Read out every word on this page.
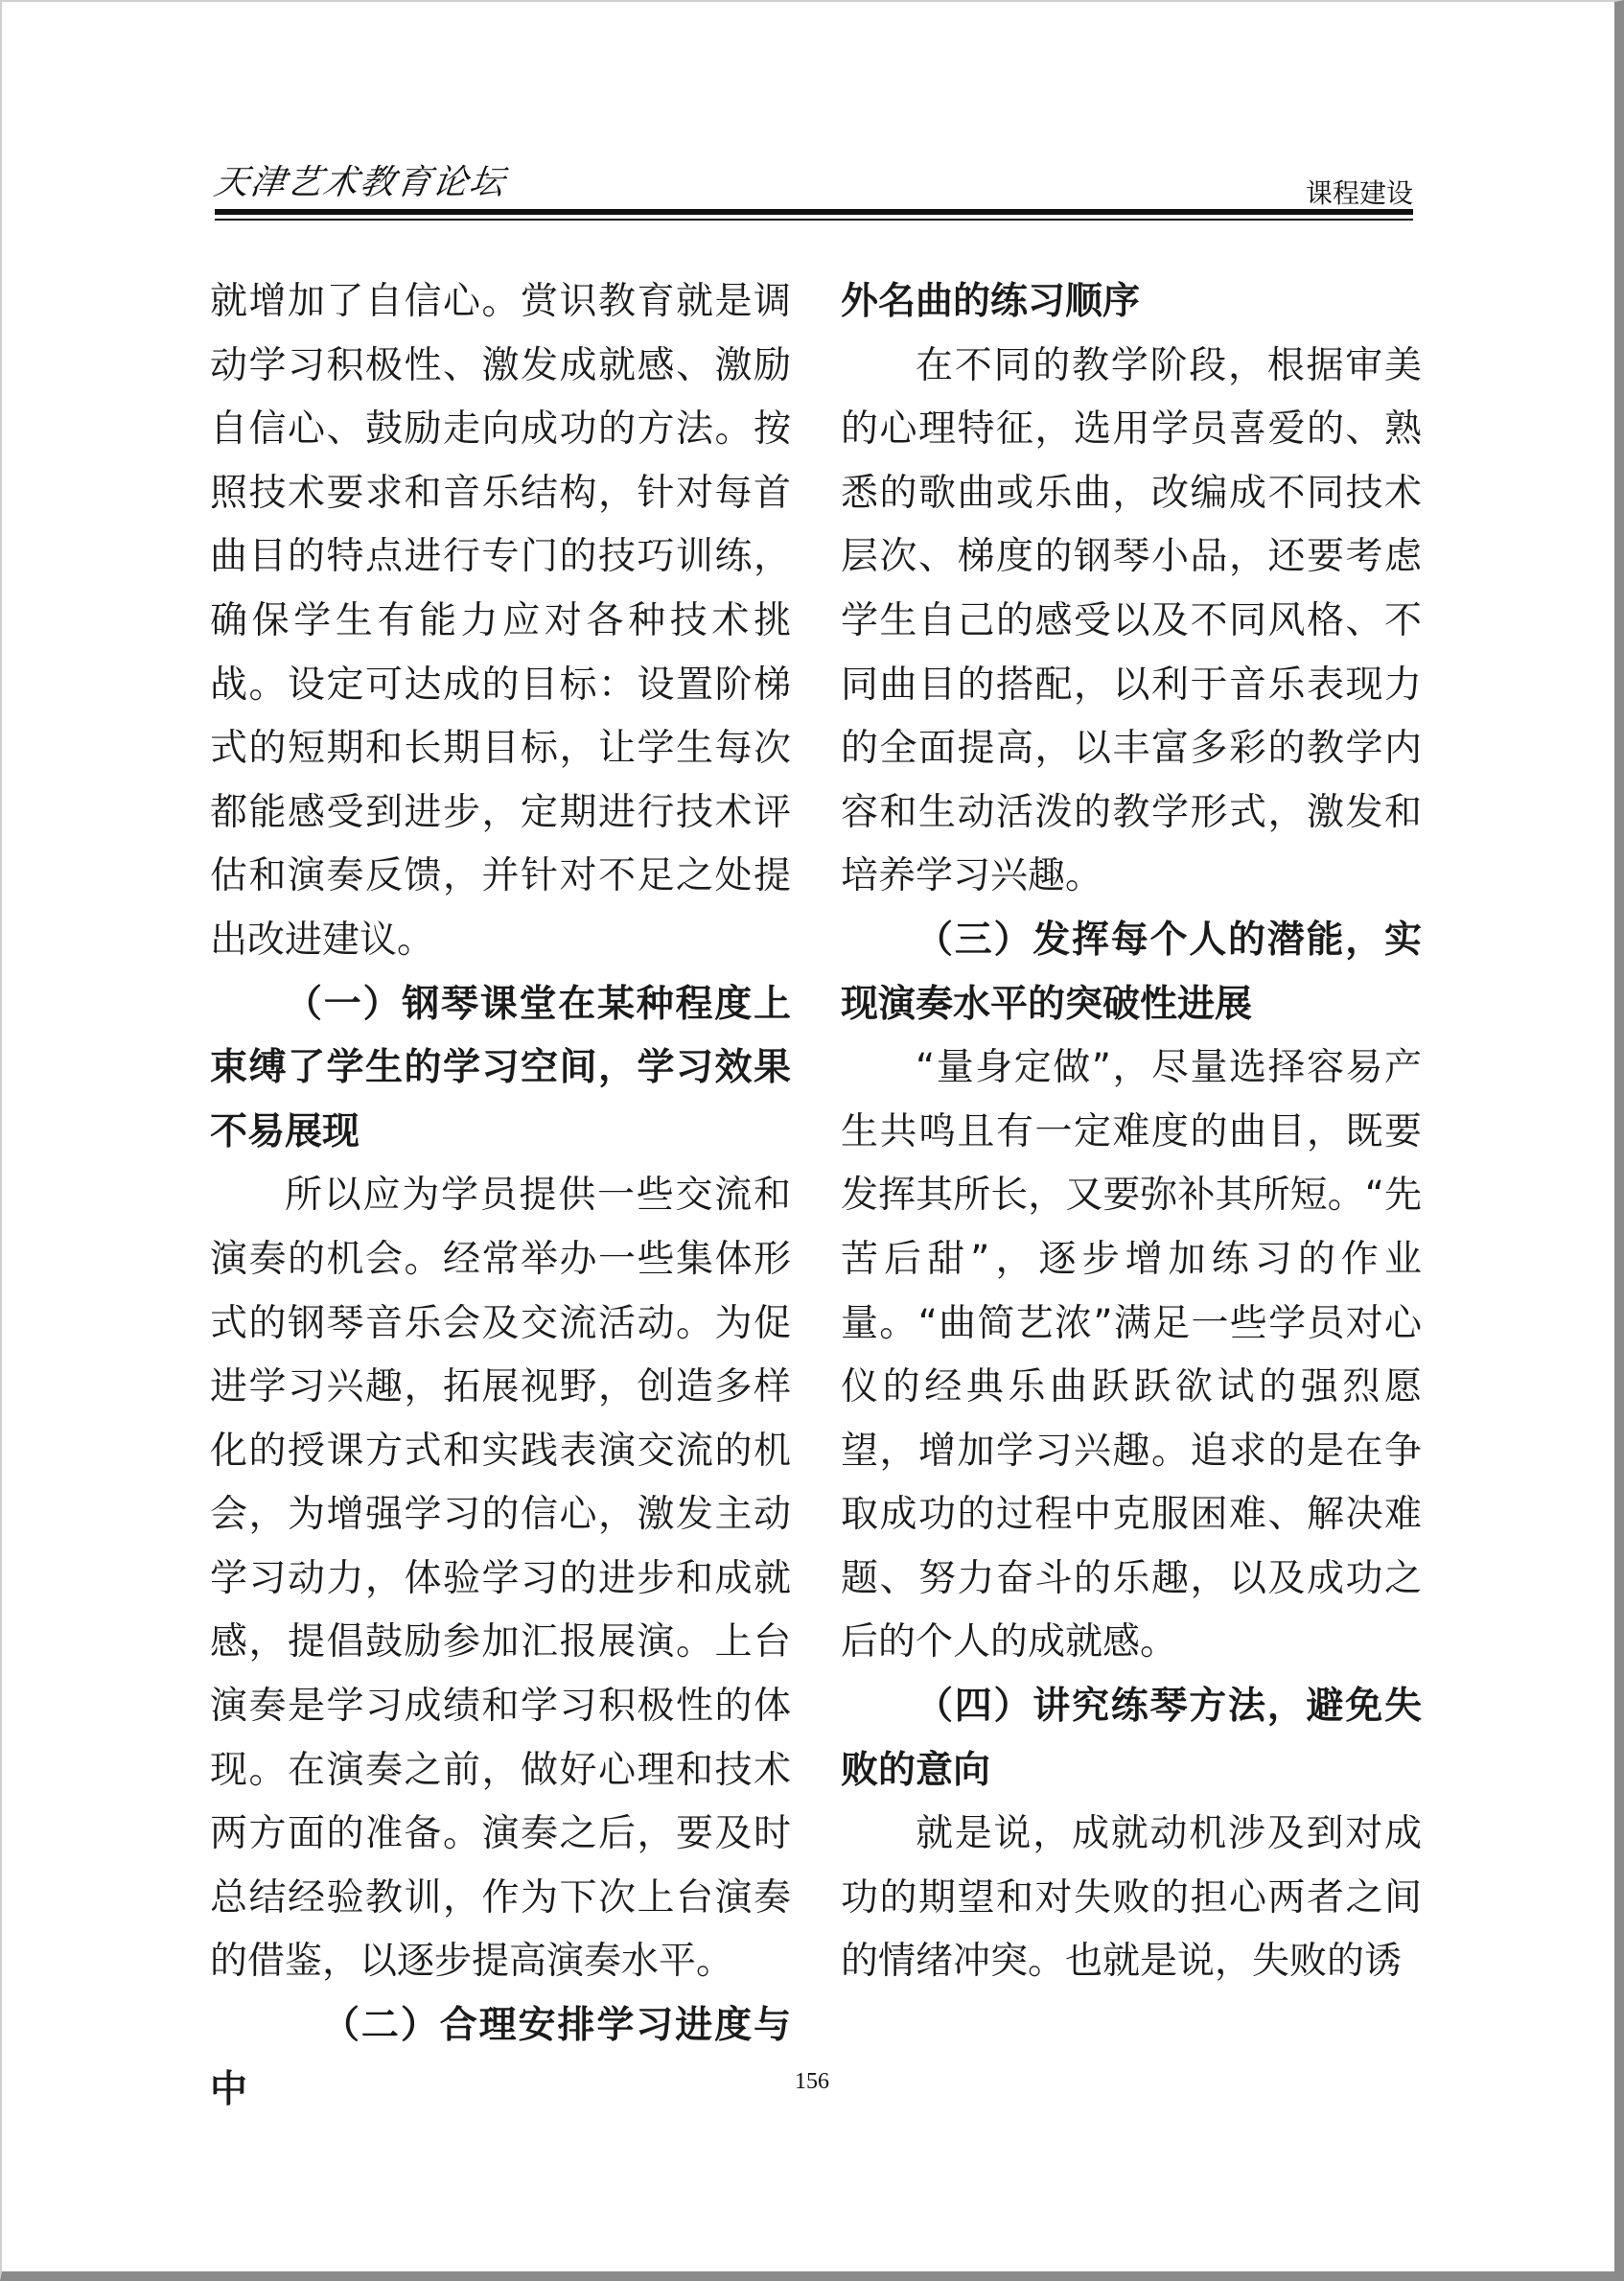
天津艺术教育论坛	课程建设

就增加了自信心。赏识教育就是调动学习积极性、激发成就感、激励自信心、鼓励走向成功的方法。按照技术要求和音乐结构，针对每首曲目的特点进行专门的技巧训练，确保学生有能力应对各种技术挑战。设定可达成的目标：设置阶梯式的短期和长期目标，让学生每次都能感受到进步，定期进行技术评估和演奏反馈，并针对不足之处提出改进建议。

（一）钢琴课堂在某种程度上束缚了学生的学习空间，学习效果不易展现

所以应为学员提供一些交流和演奏的机会。经常举办一些集体形式的钢琴音乐会及交流活动。为促进学习兴趣，拓展视野，创造多样化的授课方式和实践表演交流的机会，为增强学习的信心，激发主动学习动力，体验学习的进步和成就感，提倡鼓励参加汇报展演。上台演奏是学习成绩和学习积极性的体现。在演奏之前，做好心理和技术两方面的准备。演奏之后，要及时总结经验教训，作为下次上台演奏的借鉴，以逐步提高演奏水平。

（二）合理安排学习进度与中

外名曲的练习顺序

在不同的教学阶段，根据审美的心理特征，选用学员喜爱的、熟悉的歌曲或乐曲，改编成不同技术层次、梯度的钢琴小品，还要考虑学生自己的感受以及不同风格、不同曲目的搭配，以利于音乐表现力的全面提高，以丰富多彩的教学内容和生动活泼的教学形式，激发和培养学习兴趣。

（三）发挥每个人的潜能，实现演奏水平的突破性进展

“量身定做”，尽量选择容易产生共鸣且有一定难度的曲目，既要发挥其所长，又要弥补其所短。“先苦后甜”，逐步增加练习的作业量。“曲简艺浓”满足一些学员对心仪的经典乐曲跃跃欲试的强烈愿望，增加学习兴趣。追求的是在争取成功的过程中克服困难、解决难题、努力奋斗的乐趣，以及成功之后的个人的成就感。

（四）讲究练琴方法，避免失败的意向

就是说，成就动机涉及到对成功的期望和对失败的担心两者之间的情绪冲突。也就是说，失败的诱

156
